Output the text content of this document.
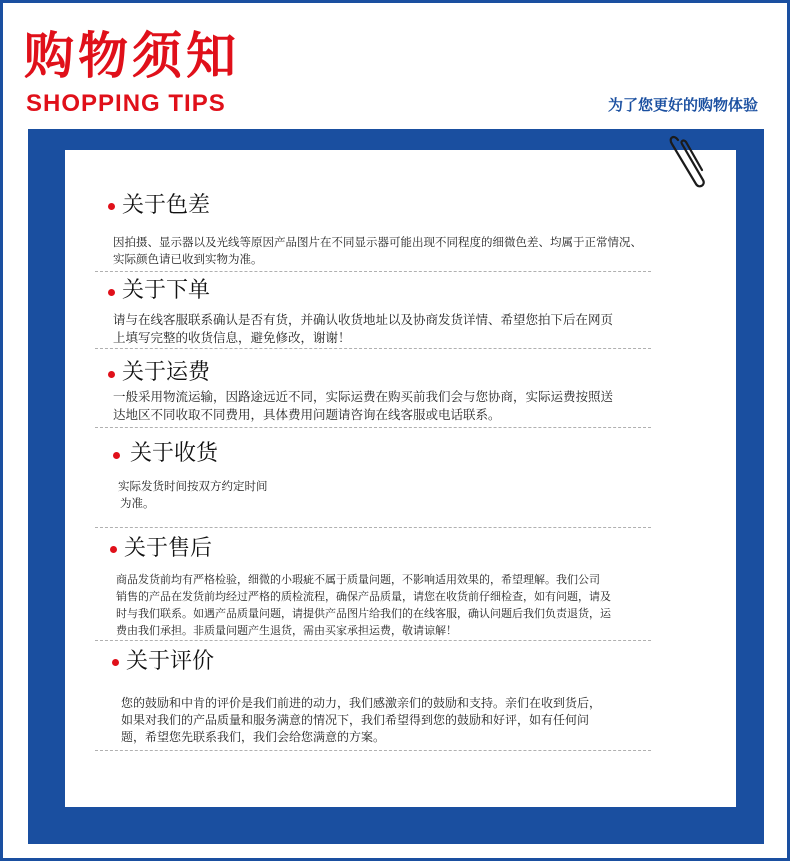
购物须知
SHOPPING TIPS	为了您更好的购物体验
关于色差
因拍摄、显示器以及光线等原因产品图片在不同显示器可能出现不同程度的细微色差、均属于正常情况、
实际颜色请已收到实物为准。
关于下单
请与在线客服联系确认是否有货，并确认收货地址以及协商发货详情、希望您拍下后在网页
上填写完整的收货信息，避免修改，谢谢！
关于运费
一般采用物流运输，因路途远近不同，实际运费在购买前我们会与您协商，实际运费按照送
达地区不同收取不同费用，具体费用问题请咨询在线客服或电话联系。
关于收货
实际发货时间按双方约定时间
为准。
关于售后
商品发货前均有严格检验，细微的小瑕疵不属于质量问题，不影响适用效果的，希望理解。我们公司
销售的产品在发货前均经过严格的质检流程，确保产品质量，请您在收货前仔细检查，如有问题，请及
时与我们联系。如遇产品质量问题，请提供产品图片给我们的在线客服，确认问题后我们负责退货，运
费由我们承担。非质量问题产生退货，需由买家承担运费，敬请谅解！
关于评价
您的鼓励和中肯的评价是我们前进的动力，我们感激亲们的鼓励和支持。亲们在收到货后，
如果对我们的产品质量和服务满意的情况下，我们希望得到您的鼓励和好评，如有任何问
题，希望您先联系我们，我们会给您满意的方案。
